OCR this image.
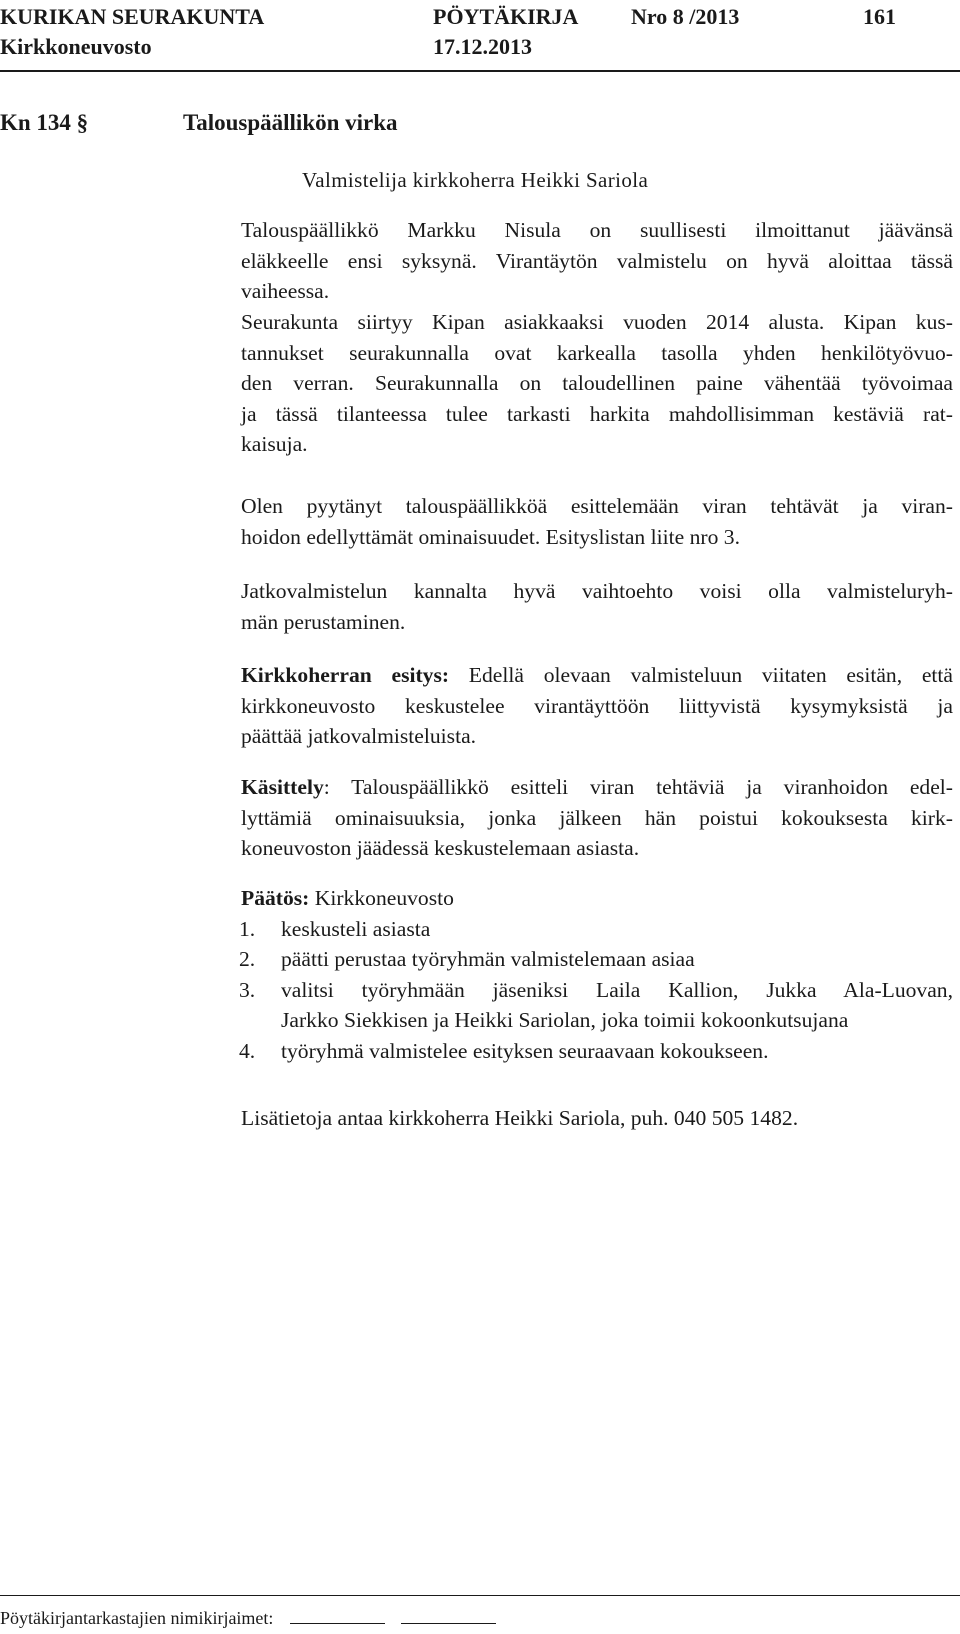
KURIKAN SEURAKUNTA	PÖYTÄKIRJA Nro 8 /2013	161
Kirkkoneuvosto	17.12.2013
Kn 134 §	Talouspäällikön virka
Valmistelija kirkkoherra Heikki Sariola
Talouspäällikkö Markku Nisula on suullisesti ilmoittanut jäävänsä
eläkkeelle ensi syksynä. Virantäytön valmistelu on hyvä aloittaa tässä
vaiheessa.
Seurakunta siirtyy Kipan asiakkaaksi vuoden 2014 alusta. Kipan kus-
tannukset seurakunnalla ovat karkealla tasolla yhden henkilötyövuo-
den verran. Seurakunnalla on taloudellinen paine vähentää työvoimaa
ja tässä tilanteessa tulee tarkasti harkita mahdollisimman kestäviä rat-
kaisuja.
Olen pyytänyt talouspäällikköä esittelemään viran tehtävät ja viran-
hoidon edellyttämät ominaisuudet. Esityslistan liite nro 3.
Jatkovalmistelun kannalta hyvä vaihtoehto voisi olla valmisteluryh-
män perustaminen.
Kirkkoherran esitys: Edellä olevaan valmisteluun viitaten esitän, että
kirkkoneuvosto keskustelee virantäyttöön liittyvistä kysymyksistä ja
päättää jatkovalmisteluista.
Käsittely: Talouspäällikkö esitteli viran tehtäviä ja viranhoidon edel-
lyttämiä ominaisuuksia, jonka jälkeen hän poistui kokouksesta kirk-
koneuvoston jäädessä keskustelemaan asiasta.
Päätös: Kirkkoneuvosto
1.	keskusteli asiasta
2.	päätti perustaa työryhmän valmistelemaan asiaa
3.	valitsi työryhmään jäseniksi Laila Kallion, Jukka Ala-Luovan,
Jarkko Siekkisen ja Heikki Sariolan, joka toimii kokoonkutsujana
4.	työryhmä valmistelee esityksen seuraavaan kokoukseen.
Lisätietoja antaa kirkkoherra Heikki Sariola, puh. 040 505 1482.
Pöytäkirjantarkastajien nimikirjaimet:
